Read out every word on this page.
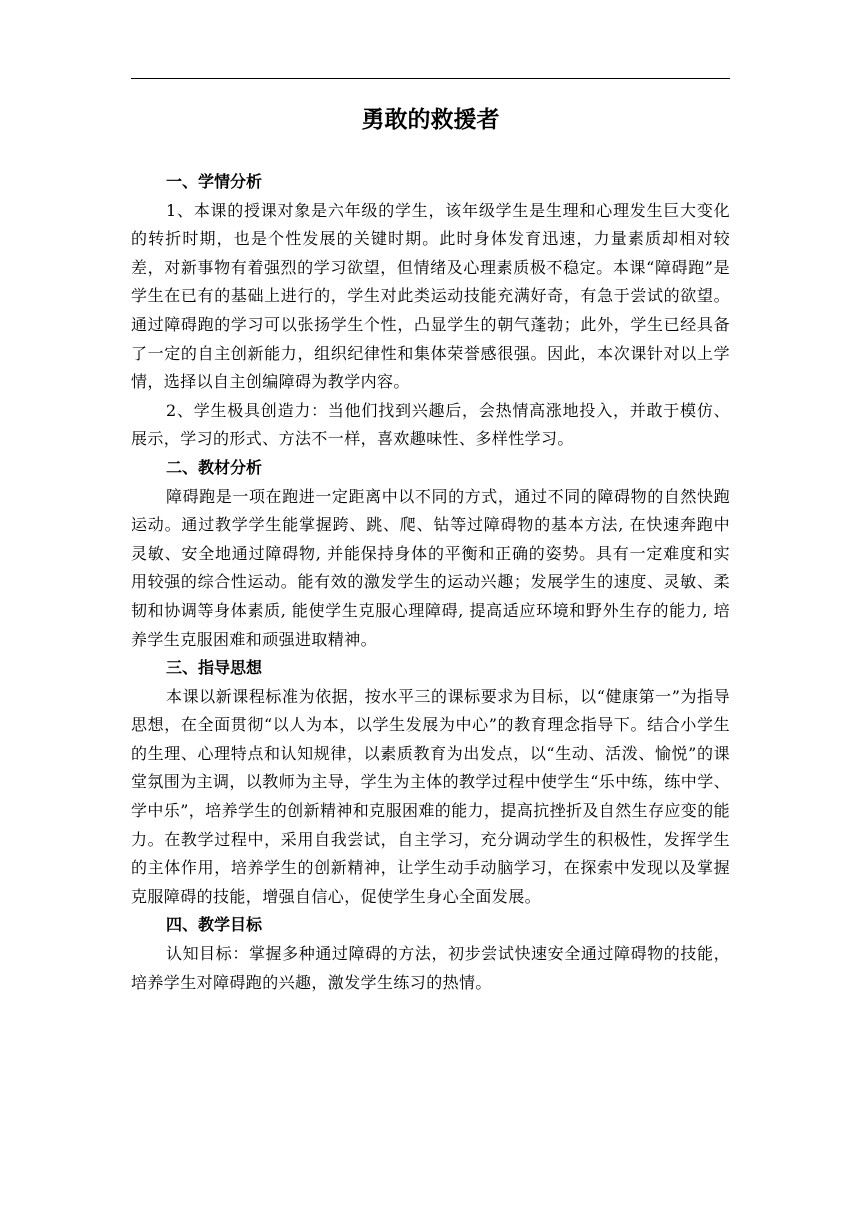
勇敢的救援者

一、学情分析

1、本课的授课对象是六年级的学生，该年级学生是生理和心理发生巨大变化的转折时期，也是个性发展的关键时期。此时身体发育迅速，力量素质却相对较差，对新事物有着强烈的学习欲望，但情绪及心理素质极不稳定。本课“障碍跑”是学生在已有的基础上进行的，学生对此类运动技能充满好奇，有急于尝试的欲望。通过障碍跑的学习可以张扬学生个性，凸显学生的朝气蓬勃；此外，学生已经具备了一定的自主创新能力，组织纪律性和集体荣誉感很强。因此，本次课针对以上学情，选择以自主创编障碍为教学内容。

2、学生极具创造力：当他们找到兴趣后，会热情高涨地投入，并敢于模仿、展示，学习的形式、方法不一样，喜欢趣味性、多样性学习。

二、教材分析

障碍跑是一项在跑进一定距离中以不同的方式，通过不同的障碍物的自然快跑运动。通过教学学生能掌握跨、跳、爬、钻等过障碍物的基本方法, 在快速奔跑中灵敏、安全地通过障碍物, 并能保持身体的平衡和正确的姿势。具有一定难度和实用较强的综合性运动。能有效的激发学生的运动兴趣；发展学生的速度、灵敏、柔韧和协调等身体素质, 能使学生克服心理障碍, 提高适应环境和野外生存的能力, 培养学生克服困难和顽强进取精神。

三、指导思想

本课以新课程标准为依据，按水平三的课标要求为目标，以“健康第一”为指导思想，在全面贯彻“以人为本，以学生发展为中心”的教育理念指导下。结合小学生的生理、心理特点和认知规律，以素质教育为出发点，以“生动、活泼、愉悦”的课堂氛围为主调，以教师为主导，学生为主体的教学过程中使学生“乐中练，练中学、学中乐”，培养学生的创新精神和克服困难的能力，提高抗挫折及自然生存应变的能力。在教学过程中，采用自我尝试，自主学习，充分调动学生的积极性，发挥学生的主体作用，培养学生的创新精神，让学生动手动脑学习，在探索中发现以及掌握克服障碍的技能，增强自信心，促使学生身心全面发展。

四、教学目标

认知目标：掌握多种通过障碍的方法，初步尝试快速安全通过障碍物的技能，培养学生对障碍跑的兴趣，激发学生练习的热情。
